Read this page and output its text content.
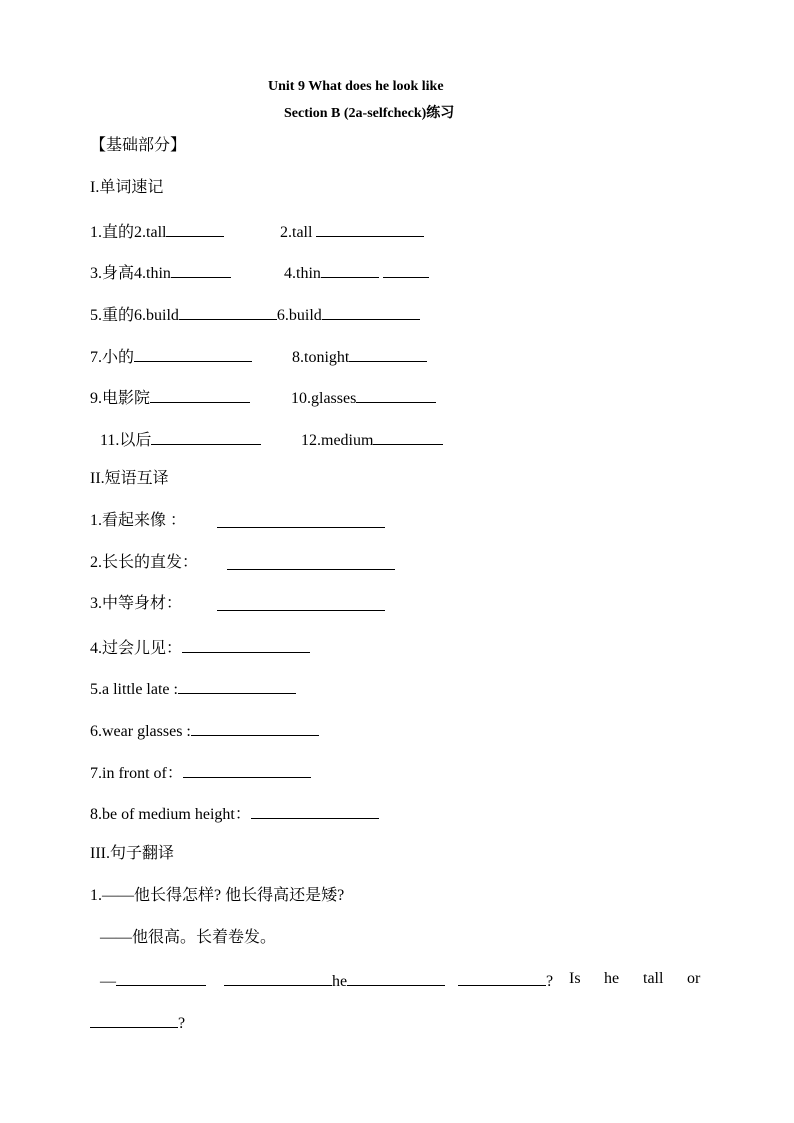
Unit 9 What does he look like
Section B (2a-selfcheck)练习
【基础部分】
I.单词速记
1.直的2.tall	2.tall
3.身高4.thin	4.thin
5.重的6.build	6.build
7.小的	8.tonight
9.电影院	10.glasses
11.以后	12.medium
II.短语互译
1.看起来像 ：
2.长长的直发：
3.中等身材：
4.过会儿见：
5.a little late :
6.wear glasses :
7.in front of：
8.be of medium height：
III.句子翻译
1.——他长得怎样? 他长得高还是矮?
——他很高。长着卷发。
—	he	? Is he tall or
?
